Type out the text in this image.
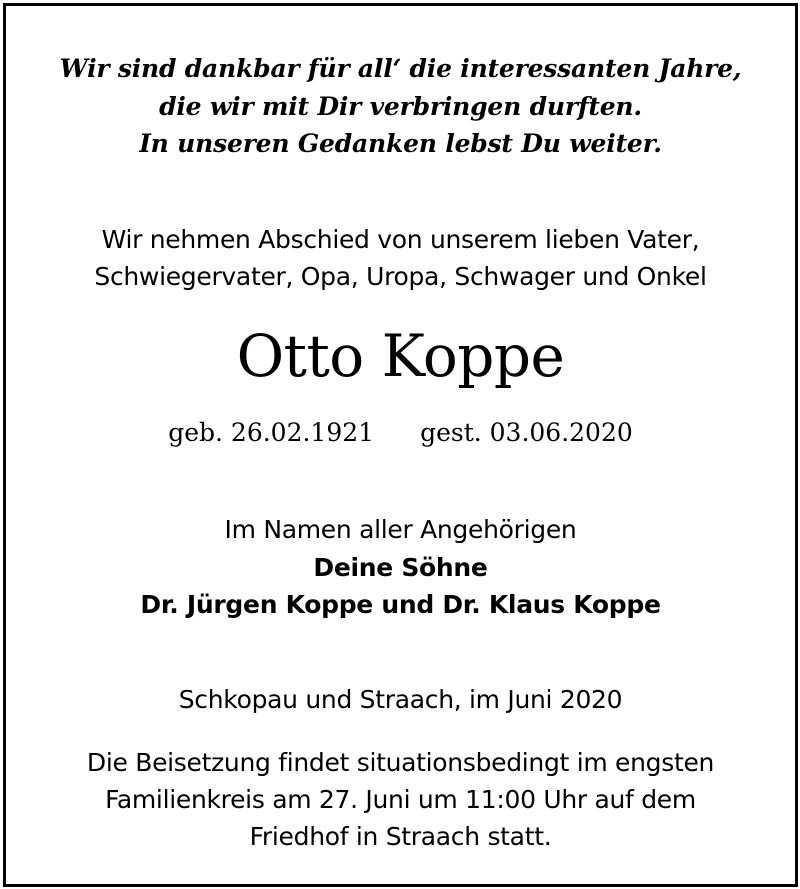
Wir sind dankbar für all‘ die interessanten Jahre,

die wir mit Dir verbringen durften.

In unseren Gedanken lebst Du weiter.

Wir nehmen Abschied von unserem lieben Vater,

Schwiegervater, Opa, Uropa, Schwager und Onkel

Otto Koppe

geb. 26.02.1921 gest. 03.06.2020

Im Namen aller Angehörigen

Deine Söhne

Dr. Jürgen Koppe und Dr. Klaus Koppe

Schkopau und Straach, im Juni 2020

Die Beisetzung findet situationsbedingt im engsten

Familienkreis am 27. Juni um 11:00 Uhr auf dem

Friedhof in Straach statt.
